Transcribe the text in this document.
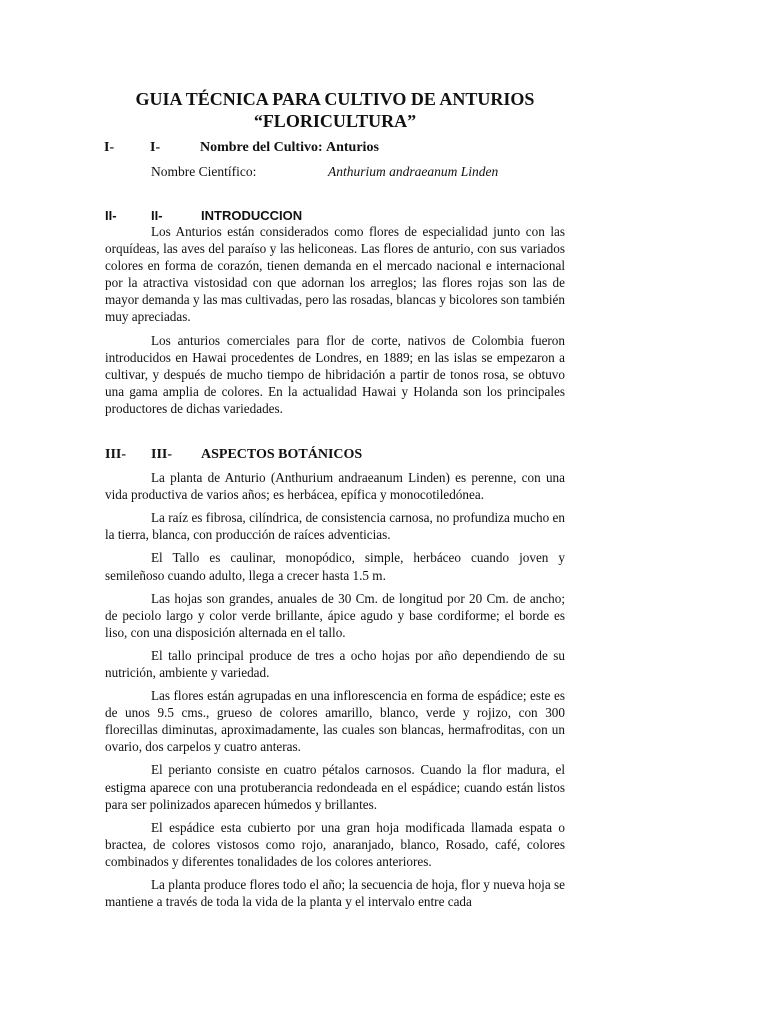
GUIA TÉCNICA PARA CULTIVO DE ANTURIOS
“FLORICULTURA”
I-	I-	Nombre del Cultivo: Anturios
Nombre Científico:	Anthurium andraeanum Linden
II-	II-	INTRODUCCION

Los Anturios están considerados como flores de especialidad junto con las orquídeas, las aves del paraíso y las heliconeas. Las flores de anturio, con sus variados colores en forma de corazón, tienen demanda en el mercado nacional e internacional por la atractiva vistosidad con que adornan los arreglos; las flores rojas son las de mayor demanda y las mas cultivadas, pero las rosadas, blancas y bicolores son también muy apreciadas.

Los anturios comerciales para flor de corte, nativos de Colombia fueron introducidos en Hawai procedentes de Londres, en 1889; en las islas se empezaron a cultivar, y después de mucho tiempo de hibridación a partir de tonos rosa, se obtuvo una gama amplia de colores. En la actualidad Hawai y Holanda son los principales productores de dichas variedades.

III-	III-	ASPECTOS BOTÁNICOS

La planta de Anturio (Anthurium andraeanum Linden) es perenne, con una vida productiva de varios años; es herbácea, epífica y monocotiledónea.

La raíz es fibrosa, cilíndrica, de consistencia carnosa, no profundiza mucho en la tierra, blanca, con producción de raíces adventicias.

El Tallo es caulinar, monopódico, simple, herbáceo cuando joven y semileñoso cuando adulto, llega a crecer hasta 1.5 m.

Las hojas son grandes, anuales de 30 Cm. de longitud por 20 Cm. de ancho; de peciolo largo y color verde brillante, ápice agudo y base cordiforme; el borde es liso, con una disposición alternada en el tallo.

El tallo principal produce de tres a ocho hojas por año dependiendo de su nutrición, ambiente y variedad.

Las flores están agrupadas en una inflorescencia en forma de espádice; este es de unos 9.5 cms., grueso de colores amarillo, blanco, verde y rojizo, con 300 florecillas diminutas, aproximadamente, las cuales son blancas, hermafroditas, con un ovario, dos carpelos y cuatro anteras.

El perianto consiste en cuatro pétalos carnosos. Cuando la flor madura, el estigma aparece con una protuberancia redondeada en el espádice; cuando están listos para ser polinizados aparecen húmedos y brillantes.

El espádice esta cubierto por una gran hoja modificada llamada espata o bractea, de colores vistosos como rojo, anaranjado, blanco, Rosado, café, colores combinados y diferentes tonalidades de los colores anteriores.

La planta produce flores todo el año; la secuencia de hoja, flor y nueva hoja se mantiene a través de toda la vida de la planta y el intervalo entre cada
